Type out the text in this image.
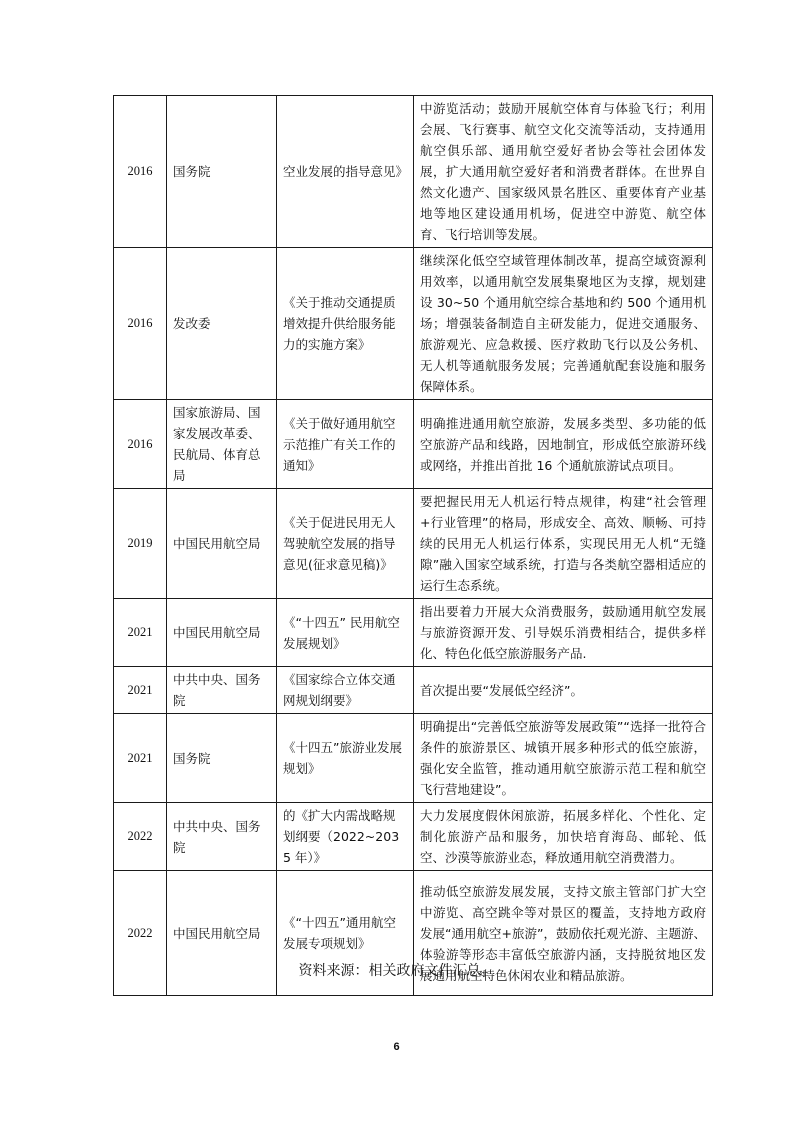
2016	国务院	空业发展的指导意见》	中游览活动；鼓励开展航空体育与体验飞行；利用会展、飞行赛事、航空文化交流等活动，支持通用航空俱乐部、通用航空爱好者协会等社会团体发展，扩大通用航空爱好者和消费者群体。在世界自然文化遗产、国家级风景名胜区、重要体育产业基地等地区建设通用机场，促进空中游览、航空体育、飞行培训等发展。
2016	发改委	《关于推动交通提质增效提升供给服务能力的实施方案》	继续深化低空空域管理体制改革，提高空域资源利用效率，以通用航空发展集聚地区为支撑，规划建设 30~50 个通用航空综合基地和约 500 个通用机场；增强装备制造自主研发能力，促进交通服务、旅游观光、应急救援、医疗救助飞行以及公务机、无人机等通航服务发展；完善通航配套设施和服务保障体系。
2016	国家旅游局、国家发展改革委、民航局、体育总局	《关于做好通用航空示范推广有关工作的通知》	明确推进通用航空旅游，发展多类型、多功能的低空旅游产品和线路，因地制宜，形成低空旅游环线或网络，并推出首批 16 个通航旅游试点项目。
2019	中国民用航空局	《关于促进民用无人驾驶航空发展的指导意见(征求意见稿)》	要把握民用无人机运行特点规律，构建“社会管理+行业管理”的格局，形成安全、高效、顺畅、可持续的民用无人机运行体系，实现民用无人机“无缝隙”融入国家空域系统，打造与各类航空器相适应的运行生态系统。
2021	中国民用航空局	《“十四五” 民用航空发展规划》	指出要着力开展大众消费服务，鼓励通用航空发展与旅游资源开发、引导娱乐消费相结合，提供多样化、特色化低空旅游服务产品.
2021	中共中央、国务院	《国家综合立体交通网规划纲要》	首次提出要“发展低空经济”。
2021	国务院	《十四五”旅游业发展规划》	明确提出“完善低空旅游等发展政策”“选择一批符合条件的旅游景区、城镇开展多种形式的低空旅游，强化安全监管，推动通用航空旅游示范工程和航空飞行营地建设”。
2022	中共中央、国务院	的《扩大内需战略规划纲要（2022~2035 年）》	大力发展度假休闲旅游，拓展多样化、个性化、定制化旅游产品和服务，加快培育海岛、邮轮、低空、沙漠等旅游业态，释放通用航空消费潜力。
2022	中国民用航空局	《“十四五”通用航空发展专项规划》	推动低空旅游发展发展，支持文旅主管部门扩大空中游览、高空跳伞等对景区的覆盖，支持地方政府发展“通用航空+旅游”，鼓励依托观光游、主题游、体验游等形态丰富低空旅游内涵，支持脱贫地区发展通用航空特色休闲农业和精品旅游。
资料来源：相关政府文件汇总。
6
